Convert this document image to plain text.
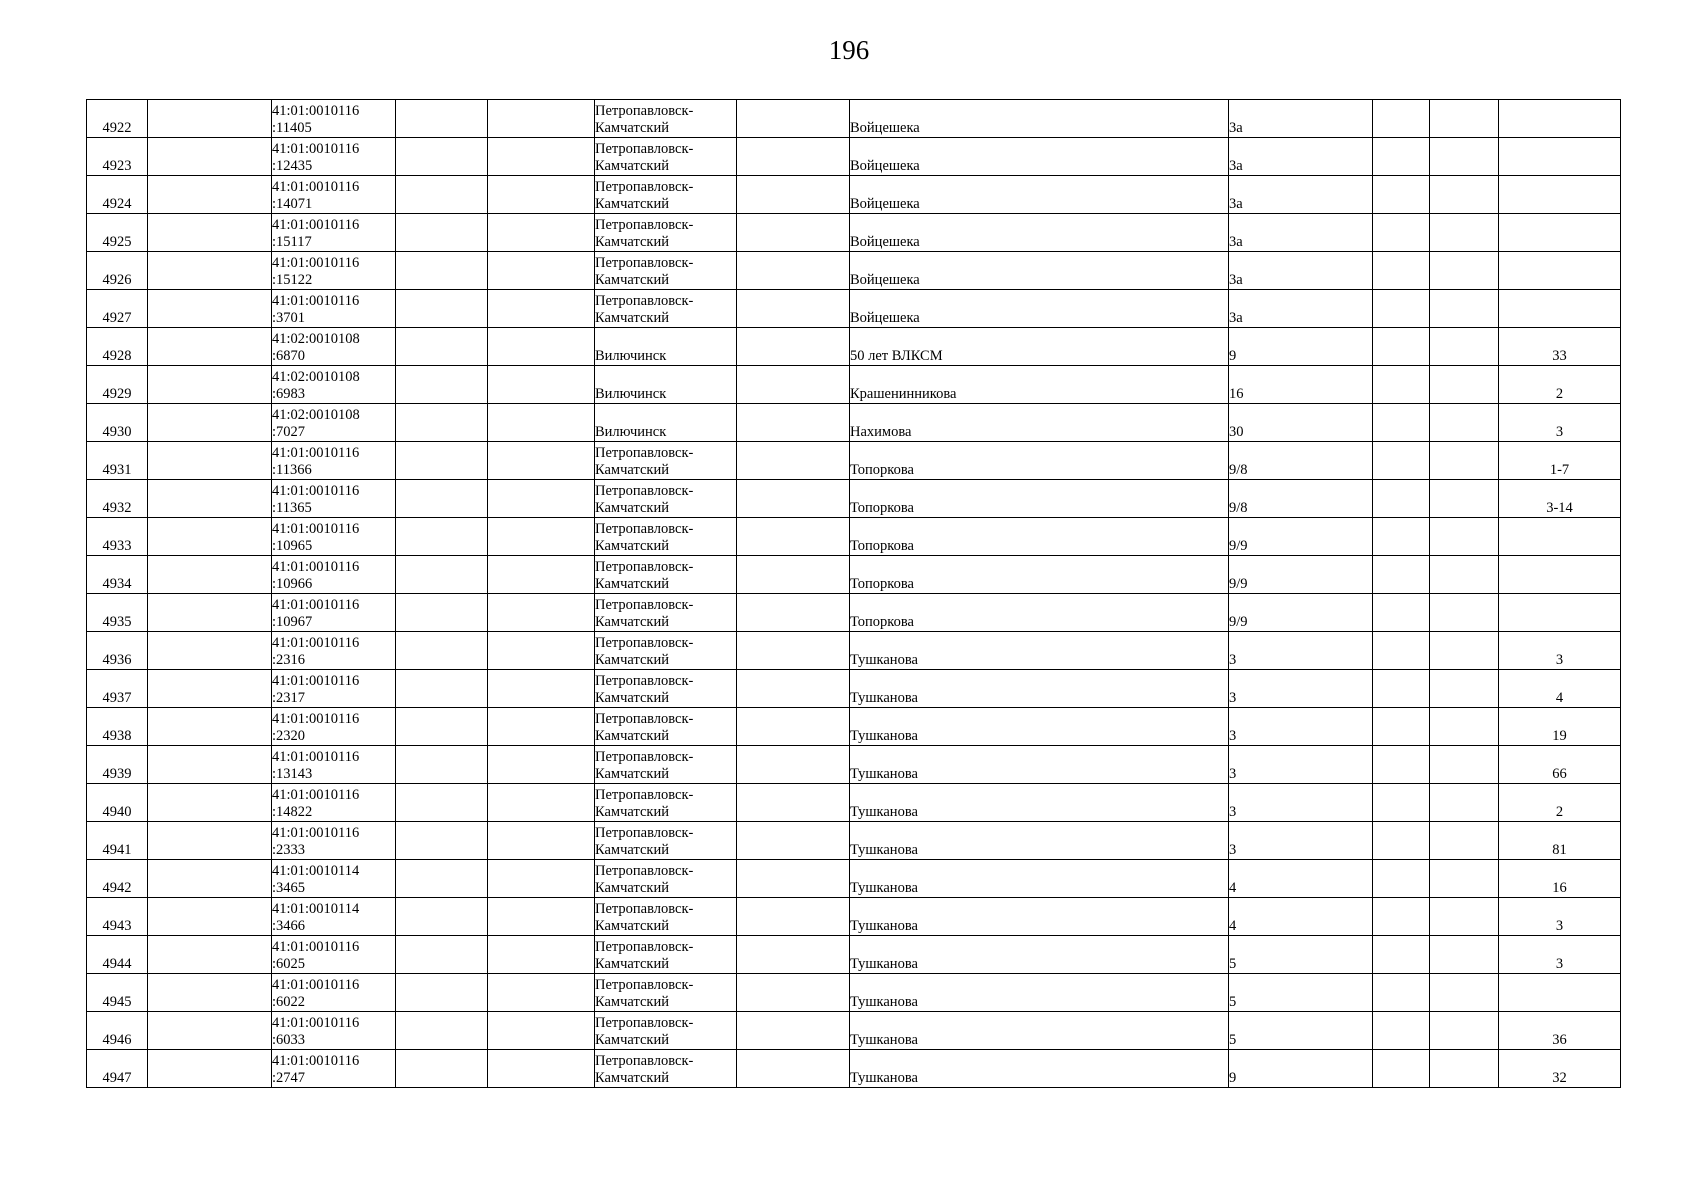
196
4922		41:01:0010116
:11405			Петропавловск-
Камчатский		Войцешека	3а			
4923		41:01:0010116
:12435			Петропавловск-
Камчатский		Войцешека	3а			
4924		41:01:0010116
:14071			Петропавловск-
Камчатский		Войцешека	3а			
4925		41:01:0010116
:15117			Петропавловск-
Камчатский		Войцешека	3а			
4926		41:01:0010116
:15122			Петропавловск-
Камчатский		Войцешека	3а			
4927		41:01:0010116
:3701			Петропавловск-
Камчатский		Войцешека	3а			
4928		41:02:0010108
:6870			Вилючинск		50 лет ВЛКСМ	9			33
4929		41:02:0010108
:6983			Вилючинск		Крашенинникова	16			2
4930		41:02:0010108
:7027			Вилючинск		Нахимова	30			3
4931		41:01:0010116
:11366			Петропавловск-
Камчатский		Топоркова	9/8			1-7
4932		41:01:0010116
:11365			Петропавловск-
Камчатский		Топоркова	9/8			3-14
4933		41:01:0010116
:10965			Петропавловск-
Камчатский		Топоркова	9/9			
4934		41:01:0010116
:10966			Петропавловск-
Камчатский		Топоркова	9/9			
4935		41:01:0010116
:10967			Петропавловск-
Камчатский		Топоркова	9/9			
4936		41:01:0010116
:2316			Петропавловск-
Камчатский		Тушканова	3			3
4937		41:01:0010116
:2317			Петропавловск-
Камчатский		Тушканова	3			4
4938		41:01:0010116
:2320			Петропавловск-
Камчатский		Тушканова	3			19
4939		41:01:0010116
:13143			Петропавловск-
Камчатский		Тушканова	3			66
4940		41:01:0010116
:14822			Петропавловск-
Камчатский		Тушканова	3			2
4941		41:01:0010116
:2333			Петропавловск-
Камчатский		Тушканова	3			81
4942		41:01:0010114
:3465			Петропавловск-
Камчатский		Тушканова	4			16
4943		41:01:0010114
:3466			Петропавловск-
Камчатский		Тушканова	4			3
4944		41:01:0010116
:6025			Петропавловск-
Камчатский		Тушканова	5			3
4945		41:01:0010116
:6022			Петропавловск-
Камчатский		Тушканова	5			
4946		41:01:0010116
:6033			Петропавловск-
Камчатский		Тушканова	5			36
4947		41:01:0010116
:2747			Петропавловск-
Камчатский		Тушканова	9			32
